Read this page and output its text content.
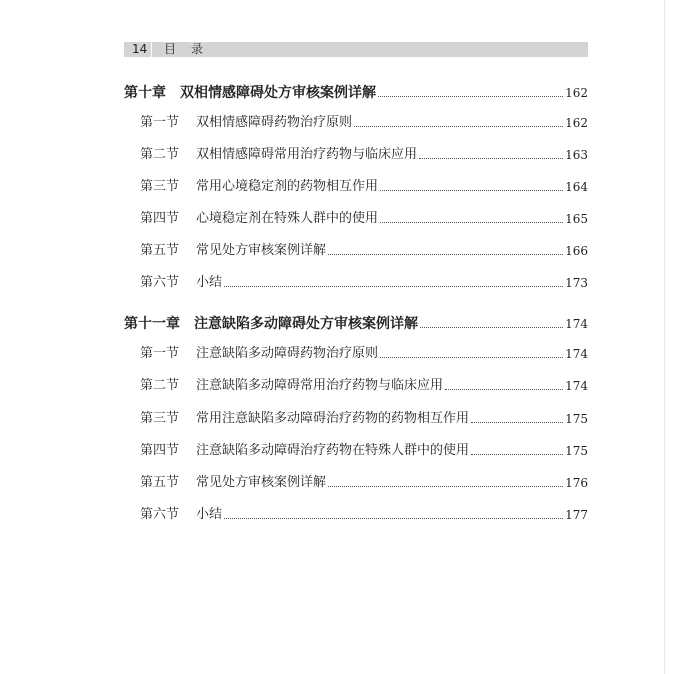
14	目录
第十章 双相情感障碍处方审核案例详解	162
第一节	双相情感障碍药物治疗原则	162
第二节	双相情感障碍常用治疗药物与临床应用	163
第三节	常用心境稳定剂的药物相互作用	164
第四节	心境稳定剂在特殊人群中的使用	165
第五节	常见处方审核案例详解	166
第六节	小结	173
第十一章 注意缺陷多动障碍处方审核案例详解	174
第一节	注意缺陷多动障碍药物治疗原则	174
第二节	注意缺陷多动障碍常用治疗药物与临床应用	174
第三节	常用注意缺陷多动障碍治疗药物的药物相互作用	175
第四节	注意缺陷多动障碍治疗药物在特殊人群中的使用	175
第五节	常见处方审核案例详解	176
第六节	小结	177
